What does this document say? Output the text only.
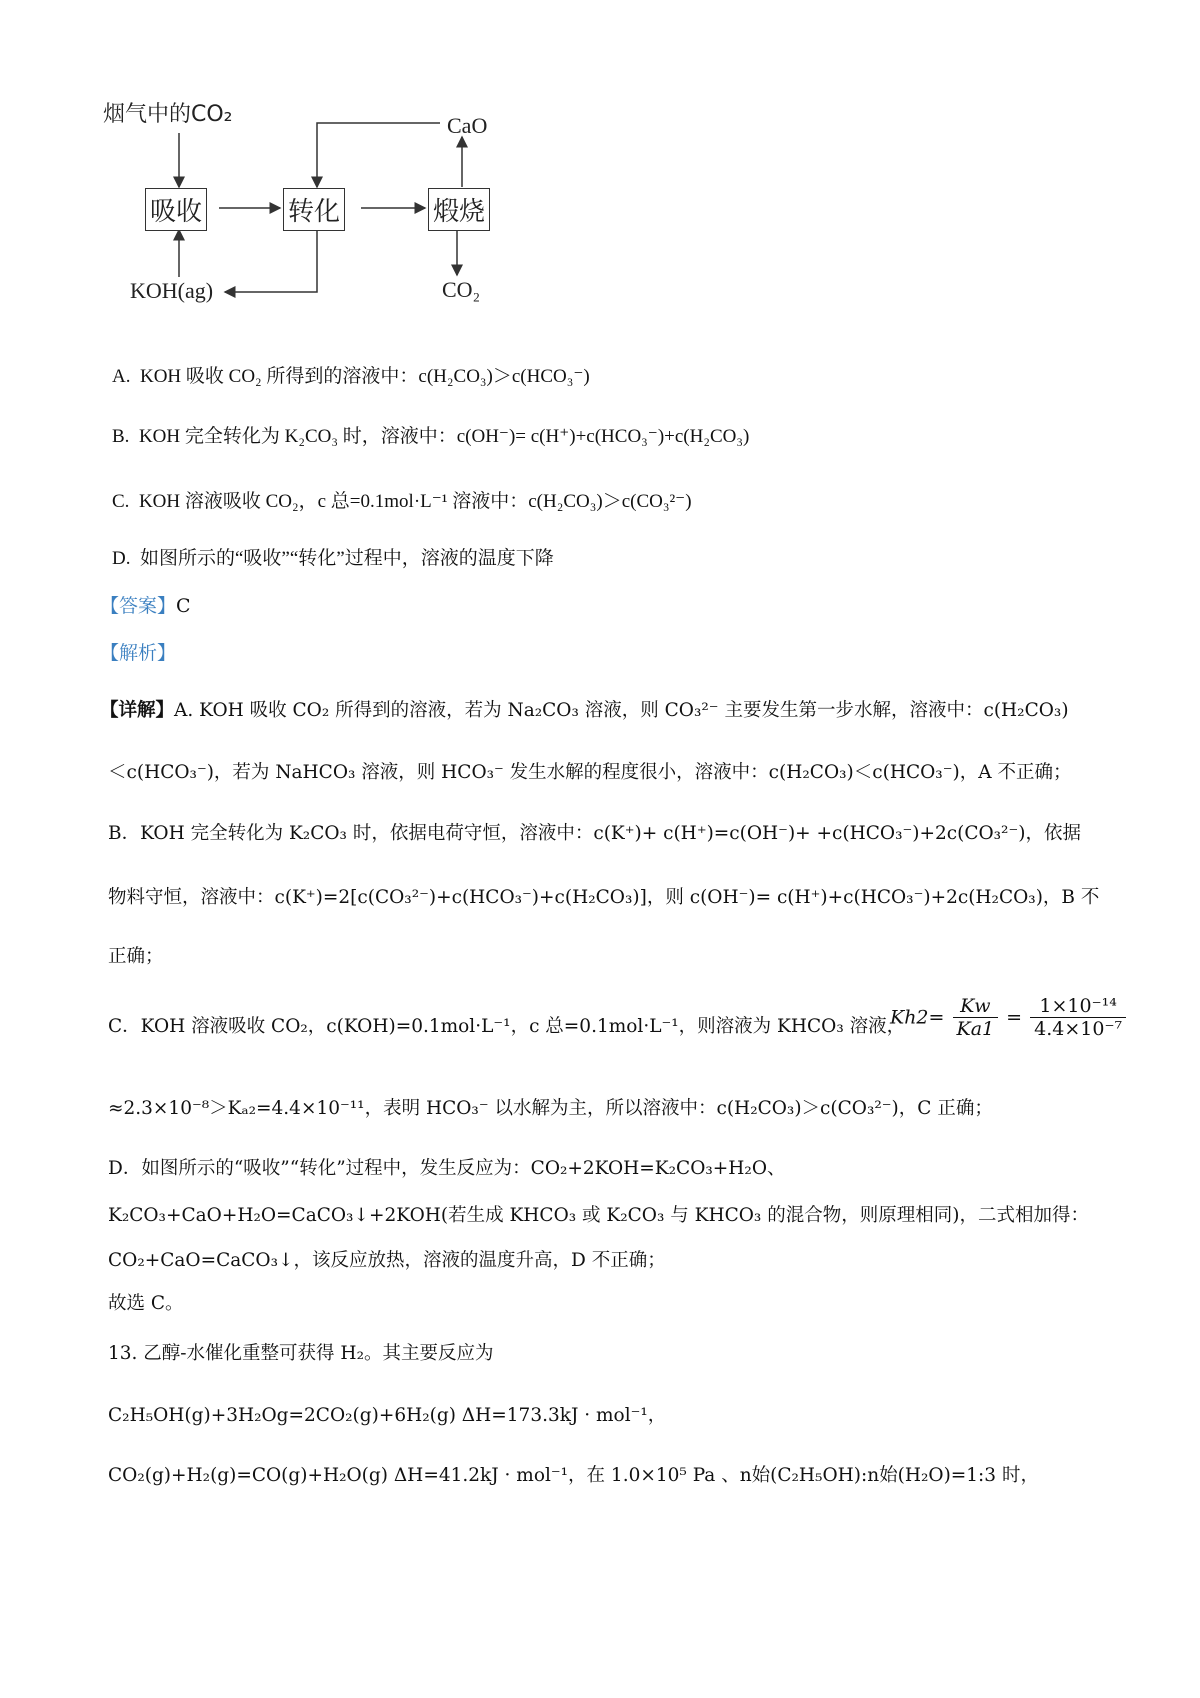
烟气中的CO₂
吸收	转化	煅烧
CaO
CO₂
KOH(ag)
A. KOH 吸收 CO₂ 所得到的溶液中：c(H₂CO₃)＞c(HCO₃⁻)
B. KOH 完全转化为 K₂CO₃ 时，溶液中：c(OH⁻)= c(H⁺)+c(HCO₃⁻)+c(H₂CO₃)
C. KOH 溶液吸收 CO₂，c 总=0.1mol·L⁻¹ 溶液中：c(H₂CO₃)＞c(CO₃²⁻)
D. 如图所示的“吸收”“转化”过程中，溶液的温度下降
【答案】C
【解析】
【详解】A. KOH 吸收 CO₂ 所得到的溶液，若为 Na₂CO₃ 溶液，则 CO₃²⁻ 主要发生第一步水解，溶液中：c(H₂CO₃)
＜c(HCO₃⁻)，若为 NaHCO₃ 溶液，则 HCO₃⁻ 发生水解的程度很小，溶液中：c(H₂CO₃)＜c(HCO₃⁻)，A 不正确；
B．KOH 完全转化为 K₂CO₃ 时，依据电荷守恒，溶液中：c(K⁺)+ c(H⁺)=c(OH⁻)+ +c(HCO₃⁻)+2c(CO₃²⁻)，依据
物料守恒，溶液中：c(K⁺)=2[c(CO₃²⁻)+c(HCO₃⁻)+c(H₂CO₃)]，则 c(OH⁻)= c(H⁺)+c(HCO₃⁻)+2c(H₂CO₃)，B 不
正确；
C．KOH 溶液吸收 CO₂，c(KOH)=0.1mol·L⁻¹，c 总=0.1mol·L⁻¹，则溶液为 KHCO₃ 溶液，
$Kh2= \frac{Kw}{Ka1} = \frac{\text{1×10⁻¹⁴}}{\text{4.4×10⁻⁷}}$
≈2.3×10⁻⁸＞Kₐ₂=4.4×10⁻¹¹，表明 HCO₃⁻ 以水解为主，所以溶液中：c(H₂CO₃)＞c(CO₃²⁻)，C 正确；
D．如图所示的“吸收”“转化”过程中，发生反应为：CO₂+2KOH=K₂CO₃+H₂O、
K₂CO₃+CaO+H₂O=CaCO₃↓+2KOH(若生成 KHCO₃ 或 K₂CO₃ 与 KHCO₃ 的混合物，则原理相同)，二式相加得：
CO₂+CaO=CaCO₃↓，该反应放热，溶液的温度升高，D 不正确；
故选 C。
13. 乙醇-水催化重整可获得 H₂。其主要反应为
C₂H₅OH(g)+3H₂Og=2CO₂(g)+6H₂(g) ΔH=173.3kJ · mol⁻¹，
CO₂(g)+H₂(g)=CO(g)+H₂O(g) ΔH=41.2kJ · mol⁻¹，在 1.0×10⁵ Pa 、n始(C₂H₅OH):n始(H₂O)=1:3 时，
